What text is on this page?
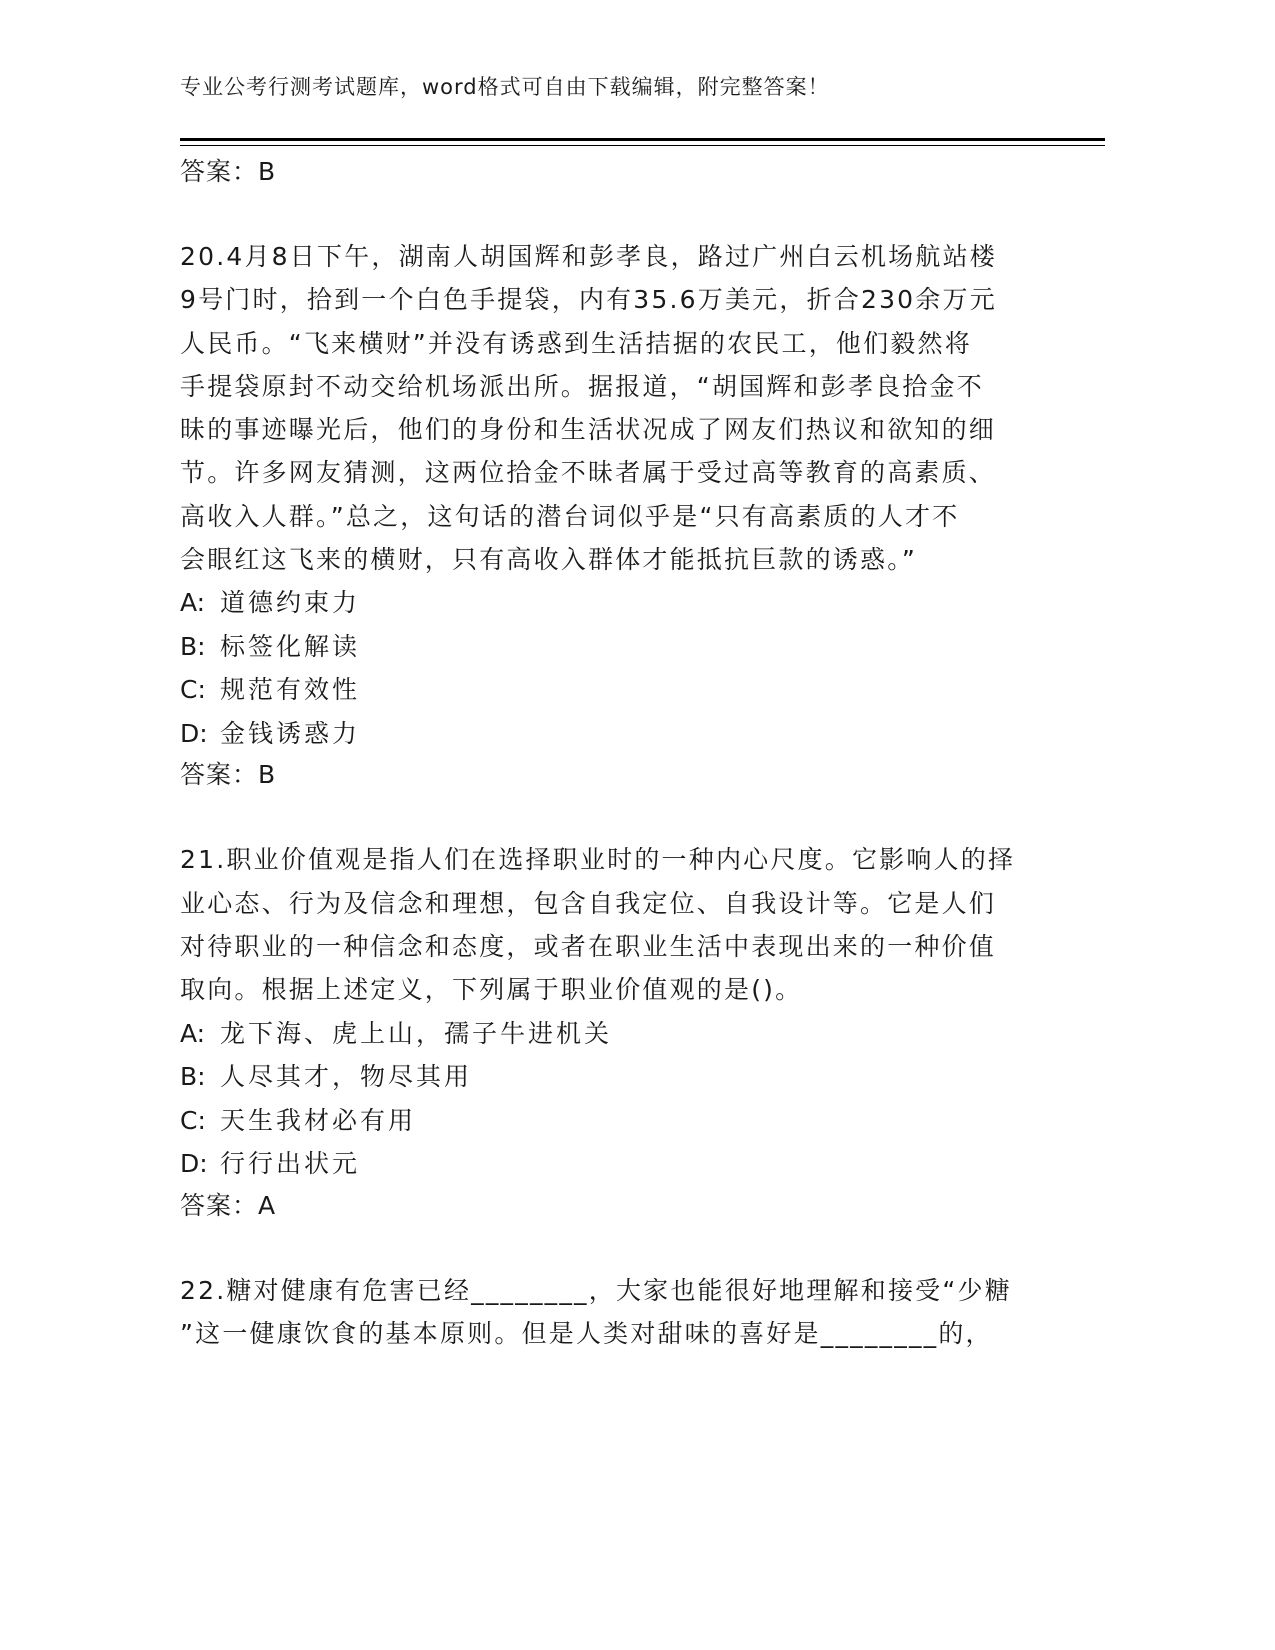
专业公考行测考试题库，word格式可自由下载编辑，附完整答案！
答案：B
20.4月8日下午，湖南人胡国辉和彭孝良，路过广州白云机场航站楼
9号门时，拾到一个白色手提袋，内有35.6万美元，折合230余万元
人民币。“飞来横财”并没有诱惑到生活拮据的农民工，他们毅然将
手提袋原封不动交给机场派出所。据报道，“胡国辉和彭孝良拾金不
昧的事迹曝光后，他们的身份和生活状况成了网友们热议和欲知的细
节。许多网友猜测，这两位拾金不昧者属于受过高等教育的高素质、
高收入人群。”总之，这句话的潜台词似乎是“只有高素质的人才不
会眼红这飞来的横财，只有高收入群体才能抵抗巨款的诱惑。”
A: 道德约束力
B: 标签化解读
C: 规范有效性
D: 金钱诱惑力
答案：B
21.职业价值观是指人们在选择职业时的一种内心尺度。它影响人的择
业心态、行为及信念和理想，包含自我定位、自我设计等。它是人们
对待职业的一种信念和态度，或者在职业生活中表现出来的一种价值
取向。根据上述定义，下列属于职业价值观的是()。
A: 龙下海、虎上山，孺子牛进机关
B: 人尽其才，物尽其用
C: 天生我材必有用
D: 行行出状元
答案：A
22.糖对健康有危害已经________，大家也能很好地理解和接受“少糖
”这一健康饮食的基本原则。但是人类对甜味的喜好是________的，
